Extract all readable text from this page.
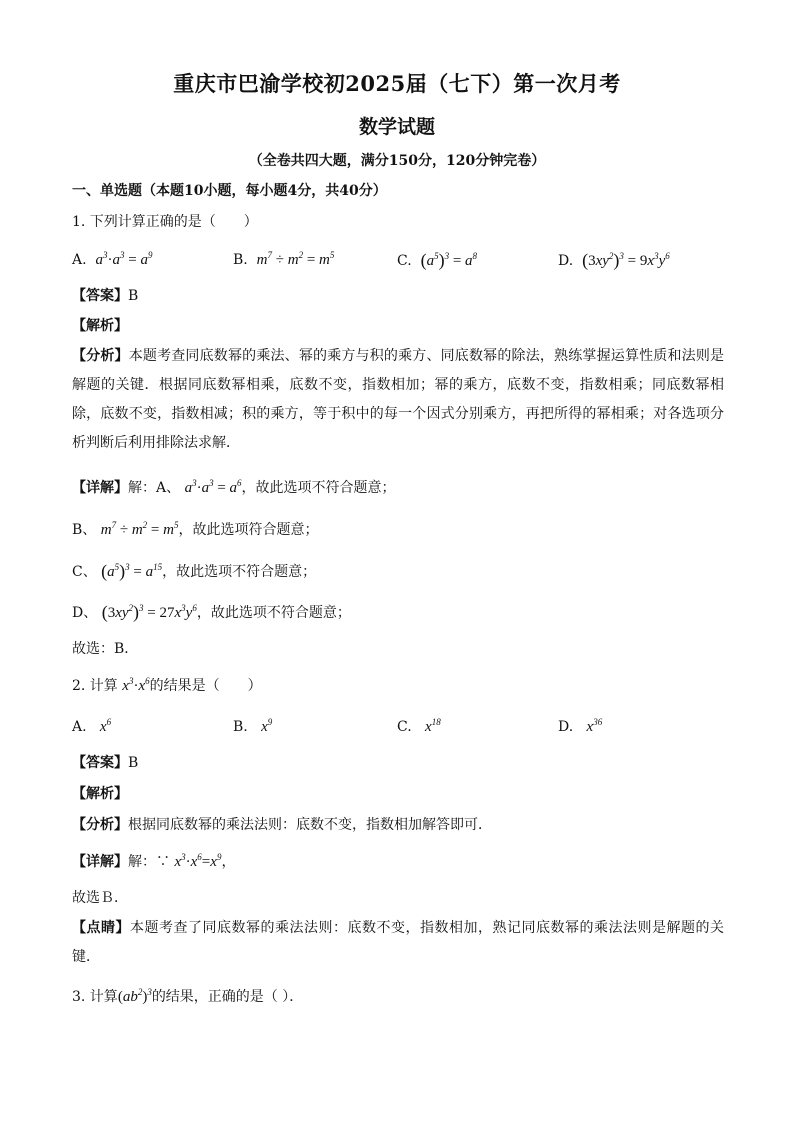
重庆市巴渝学校初2025届（七下）第一次月考
数学试题
（全卷共四大题，满分150分，120分钟完卷）
一、单选题（本题10小题，每小题4分，共40分）
1. 下列计算正确的是（　　）
A. $a^3\cdot a^3 = a^9$	B. $m^7 \div m^2 = m^5$	C. $(a^5)^3 = a^8$	D. $(3xy^2)^3 = 9x^3y^6$
【答案】B
【解析】
【分析】本题考查同底数幂的乘法、幂的乘方与积的乘方、同底数幂的除法，熟练掌握运算性质和法则是解题的关键．根据同底数幂相乘，底数不变，指数相加；幂的乘方，底数不变，指数相乘；同底数幂相除，底数不变，指数相减；积的乘方，等于积中的每一个因式分别乘方，再把所得的幂相乘；对各选项分析判断后利用排除法求解．
【详解】解：A、 $a^3\cdot a^3 = a^6$，故此选项不符合题意；
B、 $m^7 \div m^2 = m^5$，故此选项符合题意；
C、 $(a^5)^3 = a^{15}$，故此选项不符合题意；
D、 $(3xy^2)^3 = 27x^3y^6$，故此选项不符合题意；
故选：B．
2. 计算 $x^3\cdot x^6$的结果是（　　）
A. $x^6$	B. $x^9$	C. $x^{18}$	D. $x^{36}$
【答案】B
【解析】
【分析】根据同底数幂的乘法法则：底数不变，指数相加解答即可．
【详解】解：∵ $x^3\cdot x^6=x^9$，
故选Ｂ．
【点睛】本题考查了同底数幂的乘法法则：底数不变，指数相加，熟记同底数幂的乘法法则是解题的关键．
3. 计算$(ab^2)^3$的结果，正确的是（ ）．
